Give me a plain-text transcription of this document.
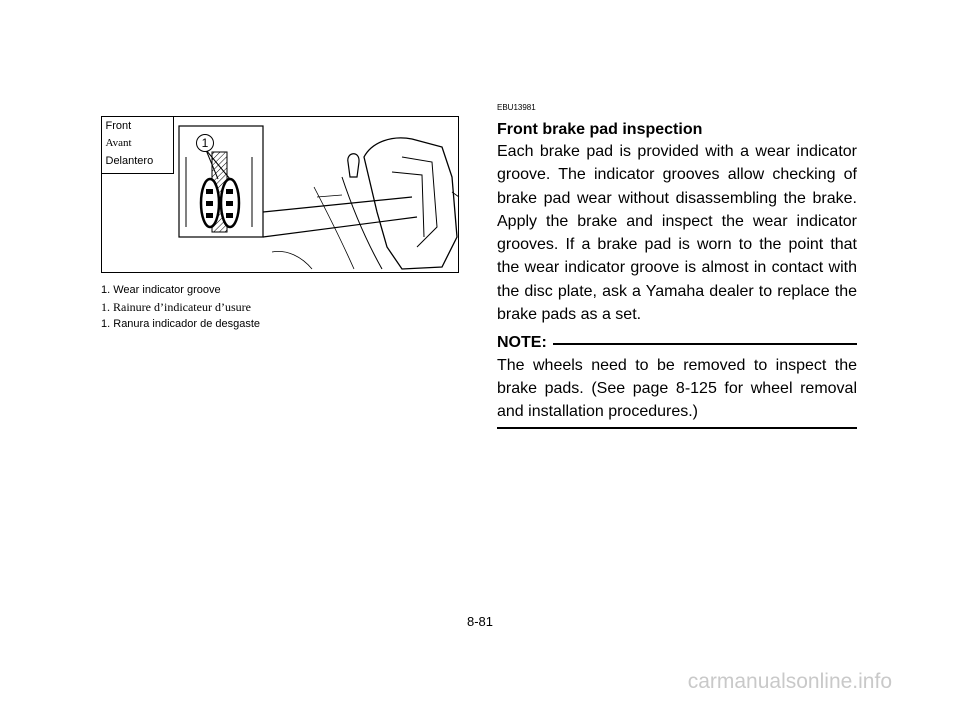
Front
Avant
Delantero
1
1. Wear indicator groove
1. Rainure d’indicateur d’usure
1. Ranura indicador de desgaste

EBU13981

Front brake pad inspection

Each brake pad is provided with a wear indicator groove. The indicator grooves allow checking of brake pad wear without disassembling the brake. Apply the brake and inspect the wear indicator grooves. If a brake pad is worn to the point that the wear indicator groove is almost in contact with the disc plate, ask a Yamaha dealer to replace the brake pads as a set.

NOTE:

The wheels need to be removed to inspect the brake pads. (See page 8-125 for wheel removal and installation procedures.)

8-81
carmanualsonline.info
